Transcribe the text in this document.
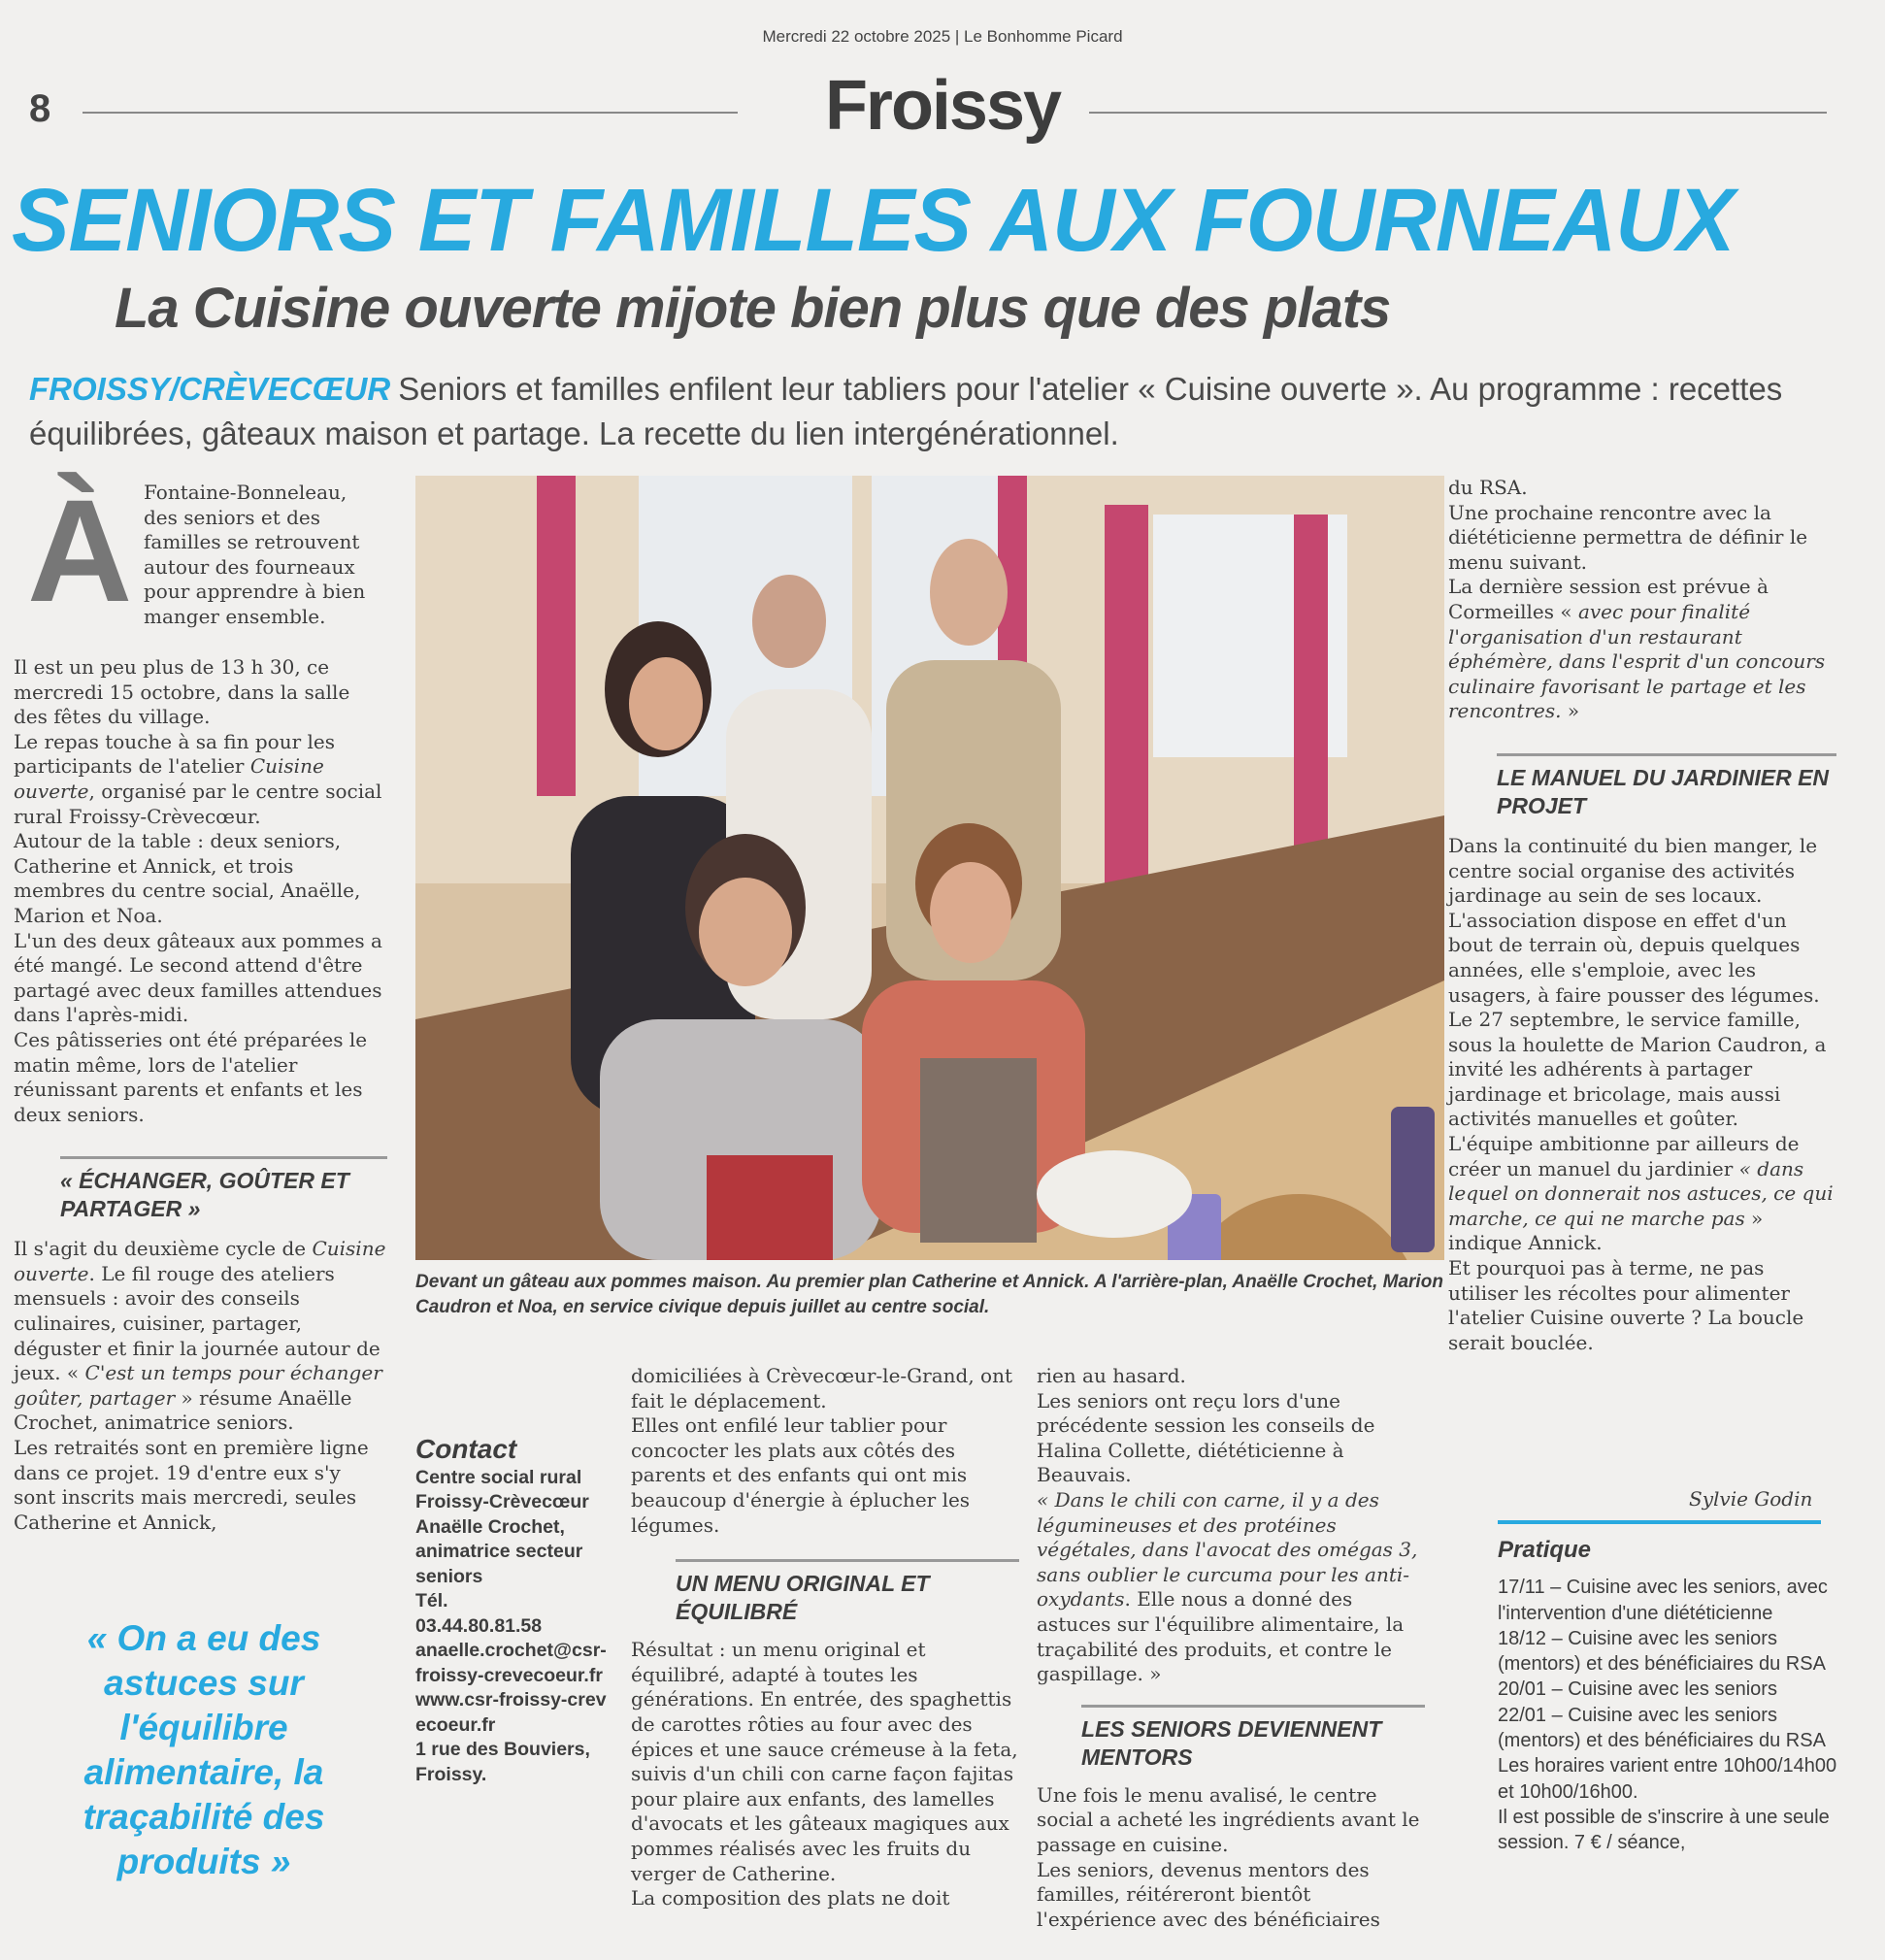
Mercredi 22 octobre 2025 | Le Bonhomme Picard
8	Froissy
SENIORS ET FAMILLES AUX FOURNEAUX
La Cuisine ouverte mijote bien plus que des plats
FROISSY/CRÈVECŒUR Seniors et familles enfilent leur tabliers pour l'atelier « Cuisine ouverte ». Au programme : recettes équilibrées, gâteaux maison et partage. La recette du lien intergénérationnel.
À Fontaine-Bonneleau, des seniors et des familles se retrouvent autour des fourneaux pour apprendre à bien manger ensemble.

Il est un peu plus de 13 h 30, ce mercredi 15 octobre, dans la salle des fêtes du village.

Le repas touche à sa fin pour les participants de l'atelier Cuisine ouverte, organisé par le centre social rural Froissy-Crèvecœur.

Autour de la table : deux seniors, Catherine et Annick, et trois membres du centre social, Anaëlle, Marion et Noa.

L'un des deux gâteaux aux pommes a été mangé. Le second attend d'être partagé avec deux familles attendues dans l'après-midi.

Ces pâtisseries ont été préparées le matin même, lors de l'atelier réunissant parents et enfants et les deux seniors.

« ÉCHANGER, GOÛTER ET PARTAGER »

Il s'agit du deuxième cycle de Cuisine ouverte. Le fil rouge des ateliers mensuels : avoir des conseils culinaires, cuisiner, partager, déguster et finir la journée autour de jeux. « C'est un temps pour échanger goûter, partager » résume Anaëlle Crochet, animatrice seniors.

Les retraités sont en première ligne dans ce projet. 19 d'entre eux s'y sont inscrits mais mercredi, seules Catherine et Annick,

« On a eu des astuces sur l'équilibre alimentaire, la traçabilité des produits »
Devant un gâteau aux pommes maison. Au premier plan Catherine et Annick. A l'arrière-plan, Anaëlle Crochet, Marion Caudron et Noa, en service civique depuis juillet au centre social.
Contact
Centre social rural Froissy-Crèvecœur
Anaëlle Crochet, animatrice secteur seniors
Tél.
03.44.80.81.58
anaelle.crochet@csr-froissy-crevecoeur.fr
www.csr-froissy-crevecoeur.fr
1 rue des Bouviers, Froissy.

domiciliées à Crèvecœur-le-Grand, ont fait le déplacement.

Elles ont enfilé leur tablier pour concocter les plats aux côtés des parents et des enfants qui ont mis beaucoup d'énergie à éplucher les légumes.

UN MENU ORIGINAL ET ÉQUILIBRÉ

Résultat : un menu original et équilibré, adapté à toutes les générations. En entrée, des spaghettis de carottes rôties au four avec des épices et une sauce crémeuse à la feta, suivis d'un chili con carne façon fajitas pour plaire aux enfants, des lamelles d'avocats et les gâteaux magiques aux pommes réalisés avec les fruits du verger de Catherine.

La composition des plats ne doit

rien au hasard.

Les seniors ont reçu lors d'une précédente session les conseils de Halina Collette, diététicienne à Beauvais.

« Dans le chili con carne, il y a des légumineuses et des protéines végétales, dans l'avocat des omégas 3, sans oublier le curcuma pour les anti-oxydants. Elle nous a donné des astuces sur l'équilibre alimentaire, la traçabilité des produits, et contre le gaspillage. »

LES SENIORS DEVIENNENT MENTORS

Une fois le menu avalisé, le centre social a acheté les ingrédients avant le passage en cuisine.

Les seniors, devenus mentors des familles, réitéreront bientôt l'expérience avec des bénéficiaires

du RSA.

Une prochaine rencontre avec la diététicienne permettra de définir le menu suivant.

La dernière session est prévue à Cormeilles « avec pour finalité l'organisation d'un restaurant éphémère, dans l'esprit d'un concours culinaire favorisant le partage et les rencontres. »

LE MANUEL DU JARDINIER EN PROJET

Dans la continuité du bien manger, le centre social organise des activités jardinage au sein de ses locaux.

L'association dispose en effet d'un bout de terrain où, depuis quelques années, elle s'emploie, avec les usagers, à faire pousser des légumes.

Le 27 septembre, le service famille, sous la houlette de Marion Caudron, a invité les adhérents à partager jardinage et bricolage, mais aussi activités manuelles et goûter.

L'équipe ambitionne par ailleurs de créer un manuel du jardinier « dans lequel on donnerait nos astuces, ce qui marche, ce qui ne marche pas » indique Annick.

Et pourquoi pas à terme, ne pas utiliser les récoltes pour alimenter l'atelier Cuisine ouverte ? La boucle serait bouclée.

Sylvie Godin
Pratique
17/11 – Cuisine avec les seniors, avec l'intervention d'une diététicienne
18/12 – Cuisine avec les seniors (mentors) et des bénéficiaires du RSA
20/01 – Cuisine avec les seniors
22/01 – Cuisine avec les seniors (mentors) et des bénéficiaires du RSA
Les horaires varient entre 10h00/14h00 et 10h00/16h00.
Il est possible de s'inscrire à une seule session. 7 € / séance,
